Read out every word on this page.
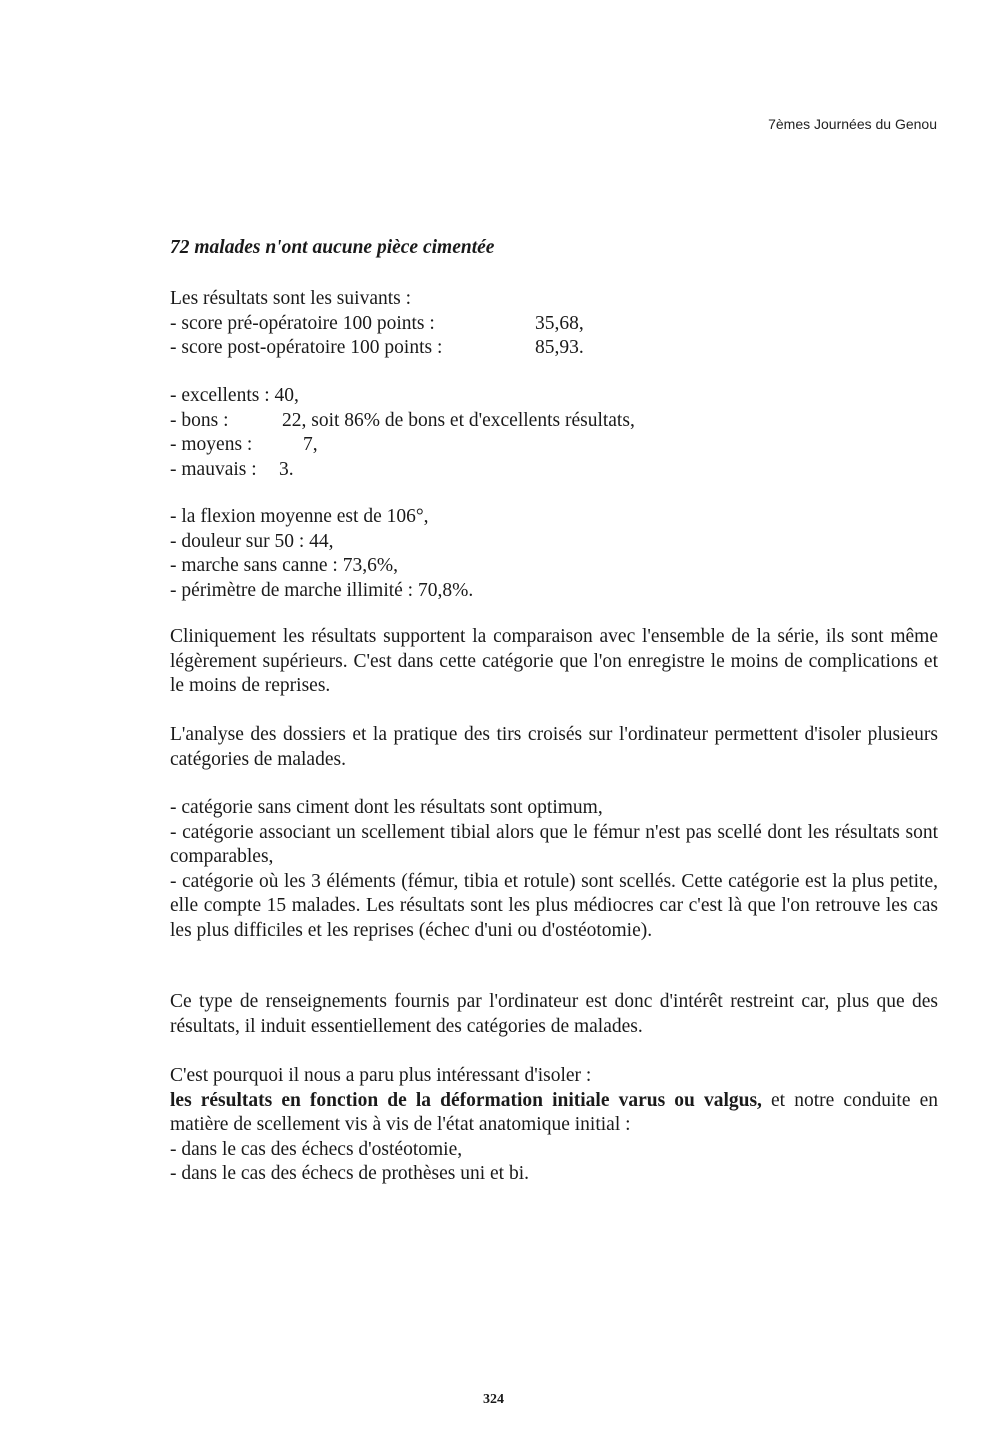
7èmes Journées du Genou
72 malades n'ont aucune pièce cimentée
Les résultats sont les suivants :
- score pré-opératoire 100 points :	35,68,
- score post-opératoire 100 points :	85,93.
- excellents : 40,
- bons :	22, soit 86% de bons et d'excellents résultats,
- moyens :	7,
- mauvais : 3.
- la flexion moyenne est de 106°,
- douleur sur 50 : 44,
- marche sans canne : 73,6%,
- périmètre de marche illimité : 70,8%.

Cliniquement les résultats supportent la comparaison avec l'ensemble de la série, ils sont même légèrement supérieurs. C'est dans cette catégorie que l'on enregistre le moins de complications et le moins de reprises.

L'analyse des dossiers et la pratique des tirs croisés sur l'ordinateur permettent d'isoler plusieurs catégories de malades.

- catégorie sans ciment dont les résultats sont optimum,

- catégorie associant un scellement tibial alors que le fémur n'est pas scellé dont les résultats sont comparables,

- catégorie où les 3 éléments (fémur, tibia et rotule) sont scellés. Cette catégorie est la plus petite, elle compte 15 malades. Les résultats sont les plus médiocres car c'est là que l'on retrouve les cas les plus difficiles et les reprises (échec d'uni ou d'ostéotomie).

Ce type de renseignements fournis par l'ordinateur est donc d'intérêt restreint car, plus que des résultats, il induit essentiellement des catégories de malades.

C'est pourquoi il nous a paru plus intéressant d'isoler :

les résultats en fonction de la déformation initiale varus ou valgus, et notre conduite en matière de scellement vis à vis de l'état anatomique initial :

- dans le cas des échecs d'ostéotomie,

- dans le cas des échecs de prothèses uni et bi.

324
